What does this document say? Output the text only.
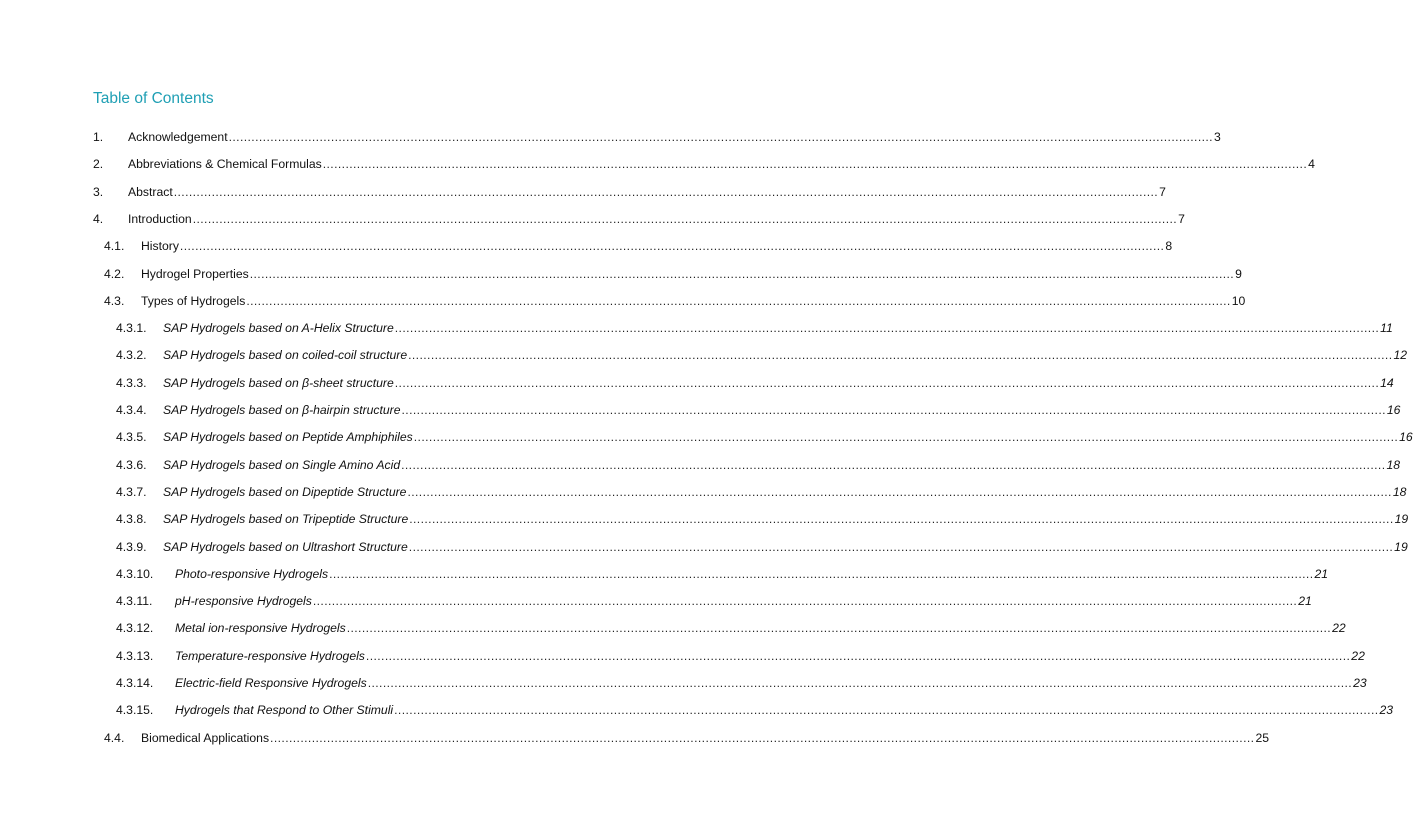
Table of Contents
1. Acknowledgement .................................................................................................................................................................................................................................................................... 3
2. Abbreviations & Chemical Formulas .................................................................................................................................................................................................................................................................... 4
3. Abstract .................................................................................................................................................................................................................................................................... 7
4. Introduction .................................................................................................................................................................................................................................................................... 7
4.1. History .................................................................................................................................................................................................................................................................... 8
4.2. Hydrogel Properties .................................................................................................................................................................................................................................................................... 9
4.3. Types of Hydrogels .................................................................................................................................................................................................................................................................... 10
4.3.1. SAP Hydrogels based on A-Helix Structure .................................................................................................................................................................................................................................................................... 11
4.3.2. SAP Hydrogels based on coiled-coil structure .................................................................................................................................................................................................................................................................... 12
4.3.3. SAP Hydrogels based on β-sheet structure .................................................................................................................................................................................................................................................................... 14
4.3.4. SAP Hydrogels based on β-hairpin structure .................................................................................................................................................................................................................................................................... 16
4.3.5. SAP Hydrogels based on Peptide Amphiphiles .................................................................................................................................................................................................................................................................... 16
4.3.6. SAP Hydrogels based on Single Amino Acid .................................................................................................................................................................................................................................................................... 18
4.3.7. SAP Hydrogels based on Dipeptide Structure .................................................................................................................................................................................................................................................................... 18
4.3.8. SAP Hydrogels based on Tripeptide Structure .................................................................................................................................................................................................................................................................... 19
4.3.9. SAP Hydrogels based on Ultrashort Structure .................................................................................................................................................................................................................................................................... 19
4.3.10. Photo-responsive Hydrogels .................................................................................................................................................................................................................................................................... 21
4.3.11. pH-responsive Hydrogels .................................................................................................................................................................................................................................................................... 21
4.3.12. Metal ion-responsive Hydrogels .................................................................................................................................................................................................................................................................... 22
4.3.13. Temperature-responsive Hydrogels .................................................................................................................................................................................................................................................................... 22
4.3.14. Electric-field Responsive Hydrogels .................................................................................................................................................................................................................................................................... 23
4.3.15. Hydrogels that Respond to Other Stimuli .................................................................................................................................................................................................................................................................... 23
4.4. Biomedical Applications .................................................................................................................................................................................................................................................................... 25
